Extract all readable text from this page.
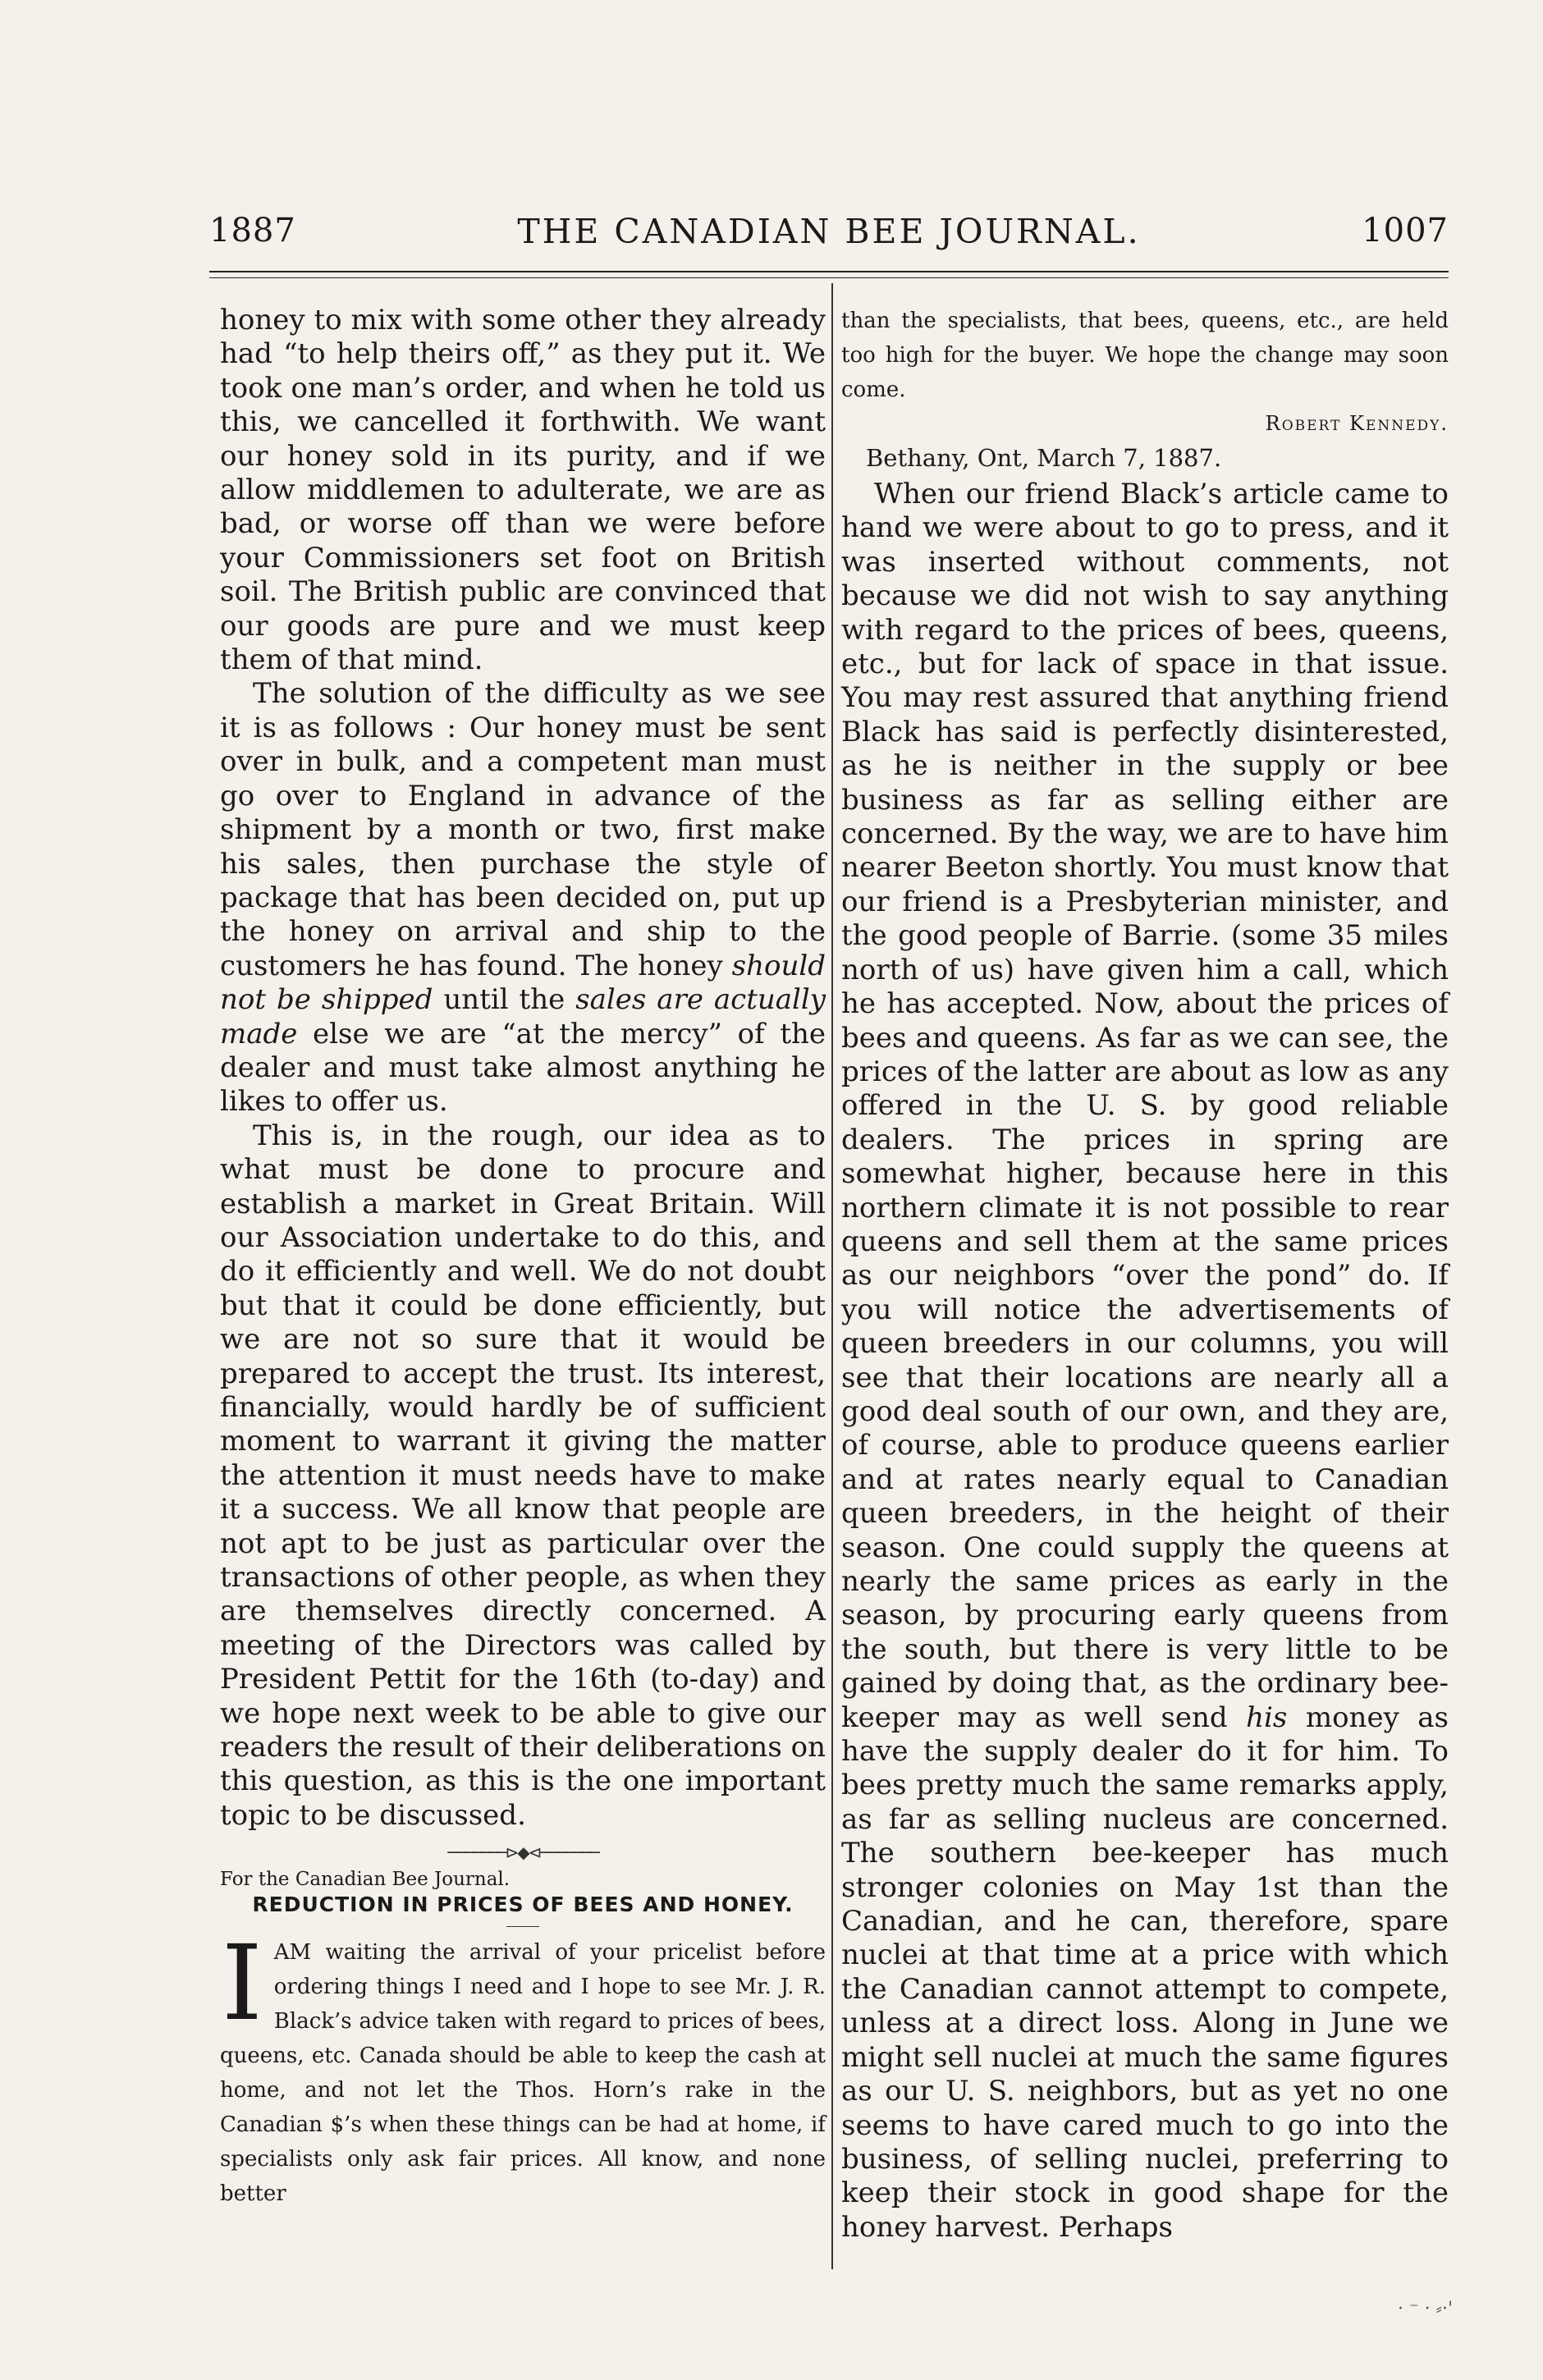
1887	THE CANADIAN BEE JOURNAL.	1007

honey to mix with some other they already had “to help theirs off,” as they put it. We took one man’s order, and when he told us this, we cancelled it forthwith. We want our honey sold in its purity, and if we allow middlemen to adulterate, we are as bad, or worse off than we were before your Commissioners set foot on British soil. The British public are convinced that our goods are pure and we must keep them of that mind.

The solution of the difficulty as we see it is as follows : Our honey must be sent over in bulk, and a competent man must go over to England in advance of the shipment by a month or two, first make his sales, then purchase the style of package that has been decided on, put up the honey on arrival and ship to the customers he has found. The honey should not be shipped until the sales are actually made else we are “at the mercy” of the dealer and must take almost anything he likes to offer us.

This is, in the rough, our idea as to what must be done to procure and establish a market in Great Britain. Will our Association undertake to do this, and do it efficiently and well. We do not doubt but that it could be done efficiently, but we are not so sure that it would be prepared to accept the trust. Its interest, financially, would hardly be of sufficient moment to warrant it giving the matter the attention it must needs have to make it a success. We all know that people are not apt to be just as particular over the transactions of other people, as when they are themselves directly concerned. A meeting of the Directors was called by President Pettit for the 16th (to-day) and we hope next week to be able to give our readers the result of their deliberations on this question, as this is the one important topic to be discussed.

───────⊳◆⊲───────

For the Canadian Bee Journal.

REDUCTION IN PRICES OF BEES AND HONEY.

IAM waiting the arrival of your pricelist before ordering things I need and I hope to see Mr. J. R. Black’s advice taken with regard to prices of bees, queens, etc. Canada should be able to keep the cash at home, and not let the Thos. Horn’s rake in the Canadian $’s when these things can be had at home, if specialists only ask fair prices. All know, and none better

than the specialists, that bees, queens, etc., are held too high for the buyer. We hope the change may soon come.

Robert Kennedy.

Bethany, Ont, March 7, 1887.

When our friend Black’s article came to hand we were about to go to press, and it was inserted without comments, not because we did not wish to say anything with regard to the prices of bees, queens, etc., but for lack of space in that issue. You may rest assured that anything friend Black has said is perfectly disinterested, as he is neither in the supply or bee business as far as selling either are concerned. By the way, we are to have him nearer Beeton shortly. You must know that our friend is a Presbyterian minister, and the good people of Barrie. (some 35 miles north of us) have given him a call, which he has accepted. Now, about the prices of bees and queens. As far as we can see, the prices of the latter are about as low as any offered in the U. S. by good reliable dealers. The prices in spring are somewhat higher, because here in this northern climate it is not possible to rear queens and sell them at the same prices as our neighbors “over the pond” do. If you will notice the advertisements of queen breeders in our columns, you will see that their locations are nearly all a good deal south of our own, and they are, of course, able to produce queens earlier and at rates nearly equal to Canadian queen breeders, in the height of their season. One could supply the queens at nearly the same prices as early in the season, by procuring early queens from the south, but there is very little to be gained by doing that, as the ordinary bee-keeper may as well send his money as have the supply dealer do it for him. To bees pretty much the same remarks apply, as far as selling nucleus are concerned. The southern bee-keeper has much stronger colonies on May 1st than the Canadian, and he can, therefore, spare nuclei at that time at a price with which the Canadian cannot attempt to compete, unless at a direct loss. Along in June we might sell nuclei at much the same figures as our U. S. neighbors, but as yet no one seems to have cared much to go into the business, of selling nuclei, preferring to keep their stock in good shape for the honey harvest. Perhaps

· ⁻ · ⸗·'
